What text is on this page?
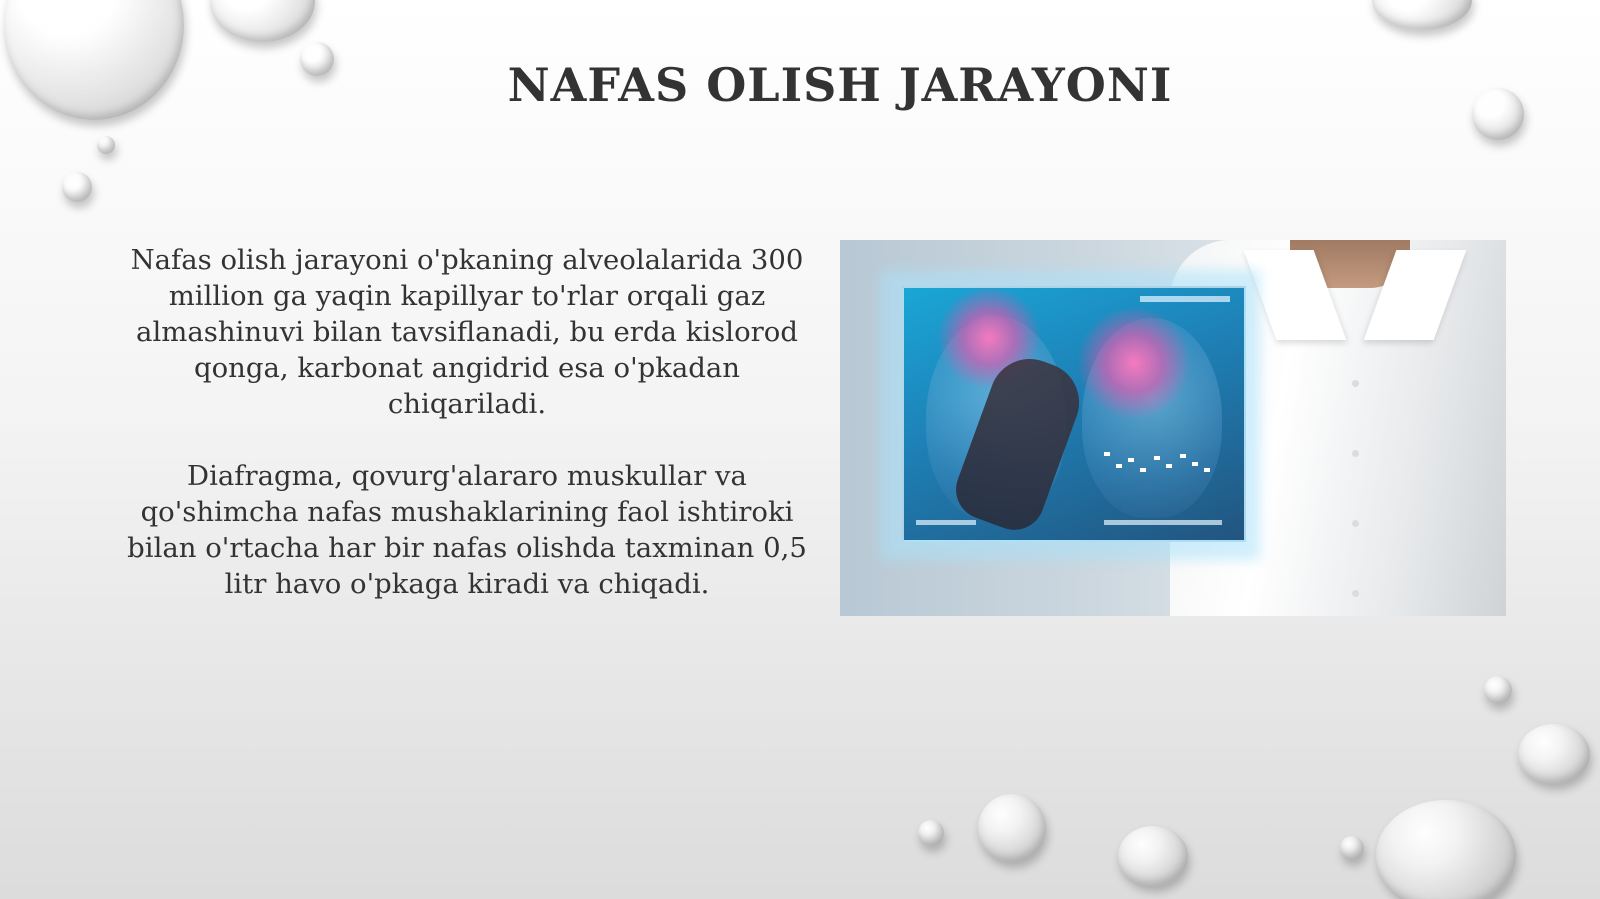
NAFAS OLISH JARAYONI

Nafas olish jarayoni o'pkaning alveolalarida 300 million ga yaqin kapillyar to'rlar orqali gaz almashinuvi bilan tavsiflanadi, bu erda kislorod qonga, karbonat angidrid esa o'pkadan chiqariladi.

Diafragma, qovurg'alararo muskullar va qo'shimcha nafas mushaklarining faol ishtiroki bilan o'rtacha har bir nafas olishda taxminan 0,5 litr havo o'pkaga kiradi va chiqadi.
